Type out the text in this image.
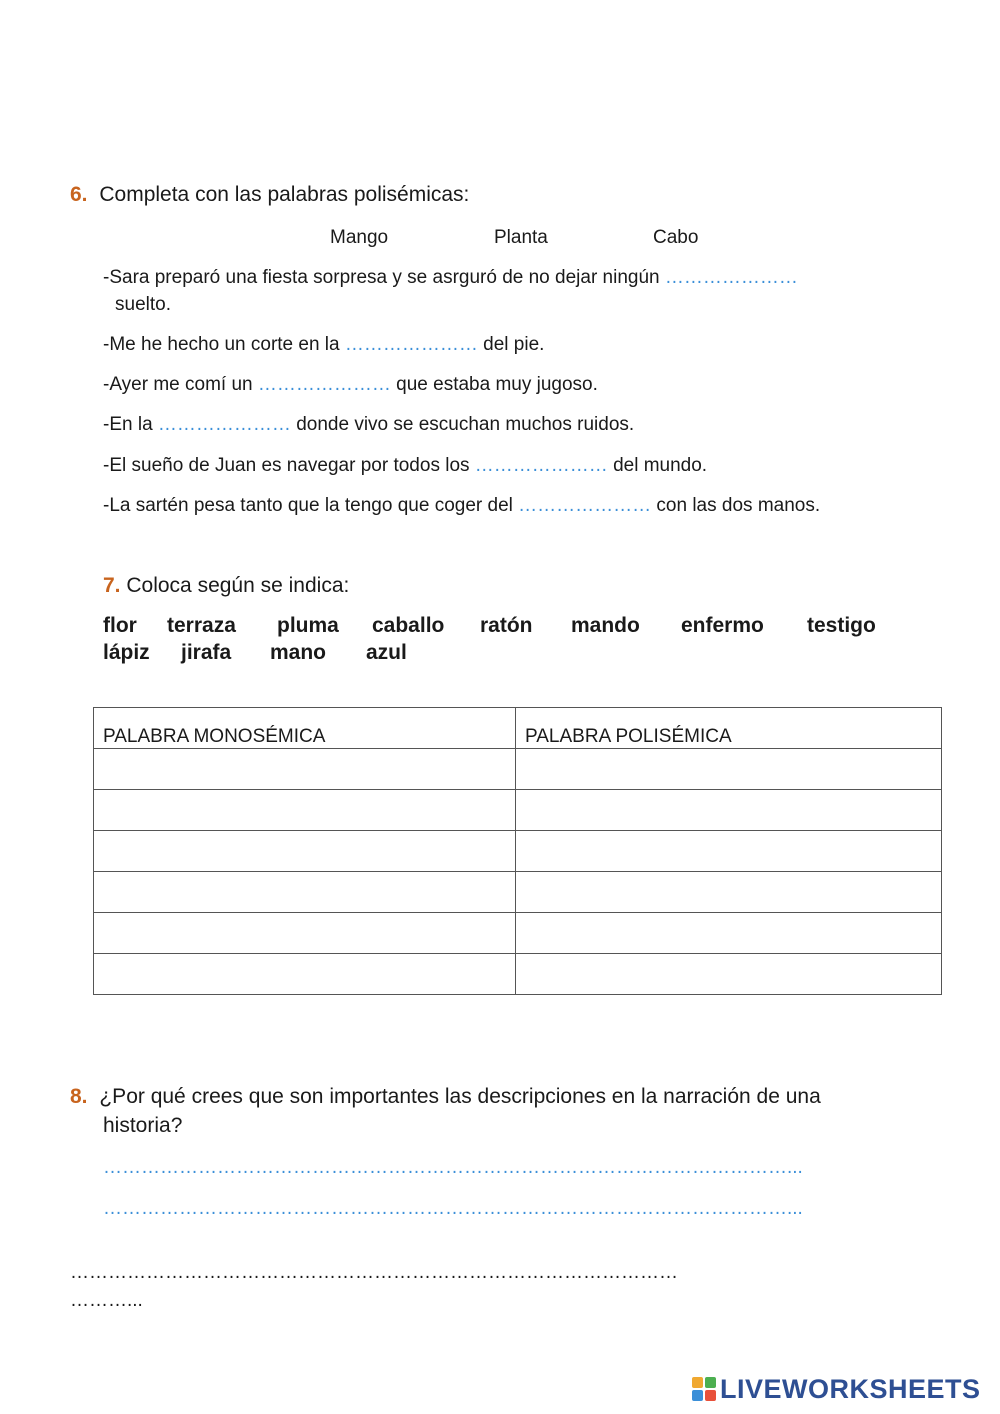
6. Completa con las palabras polisémicas:
Mango	Planta	Cabo
-Sara preparó una fiesta sorpresa y se asrguró de no dejar ningún …………………
suelto.
-Me he hecho un corte en la ………………… del pie.
-Ayer me comí un ………………… que estaba muy jugoso.
-En la ………………… donde vivo se escuchan muchos ruidos.
-El sueño de Juan es navegar por todos los ………………… del mundo.
-La sartén pesa tanto que la tengo que coger del ………………… con las dos manos.
7. Coloca según se indica:
flor terraza pluma caballo ratón mando enfermo testigo
lápiz jirafa mano azul
PALABRA MONOSÉMICA	PALABRA POLISÉMICA

8. ¿Por qué crees que son importantes las descripciones en la narración de una
historia?
………………………………………………………………………………………………...
………………………………………………………………………………………………...
……………………………………………………………………………………
………...
LIVEWORKSHEETS
